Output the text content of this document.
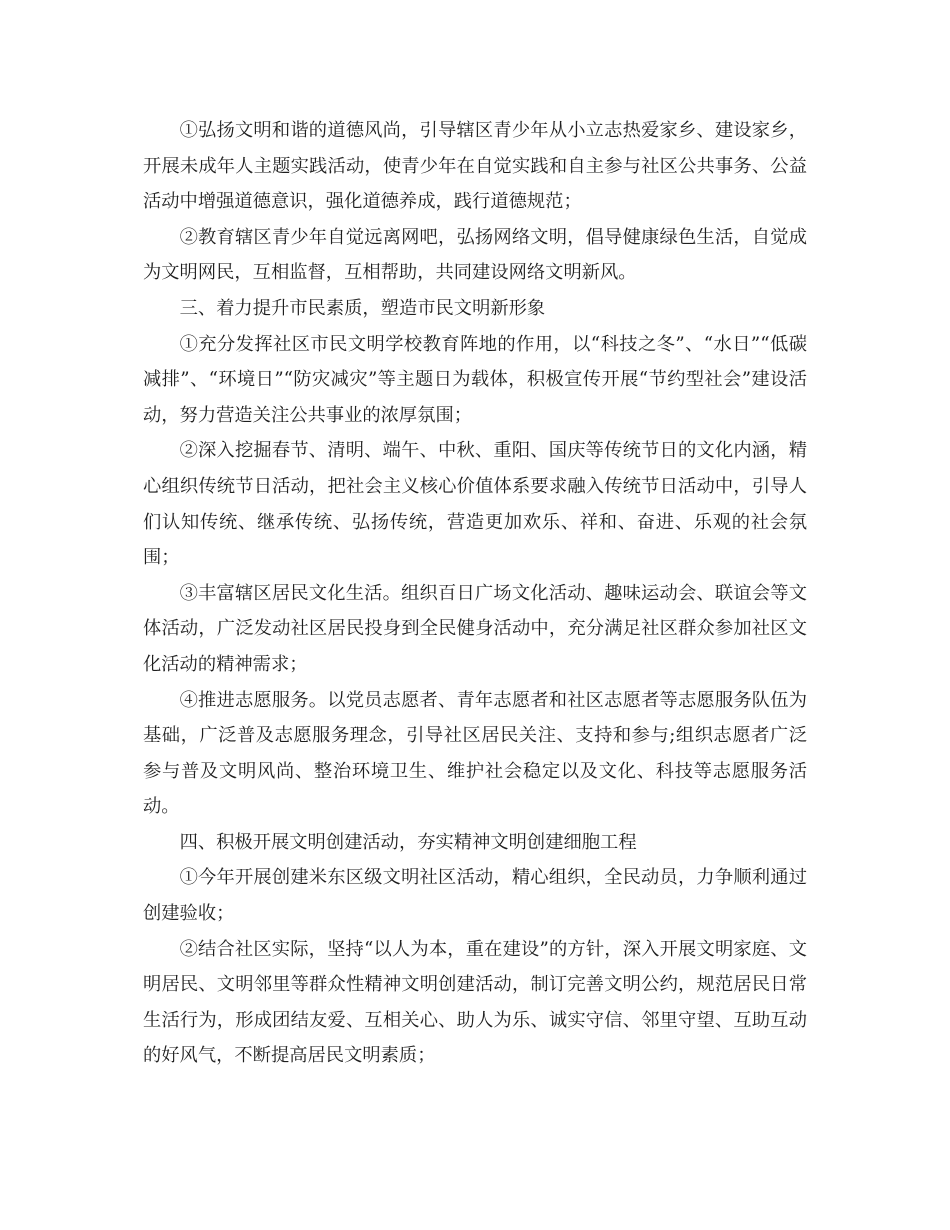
①弘扬文明和谐的道德风尚，引导辖区青少年从小立志热爱家乡、建设家乡，开展未成年人主题实践活动，使青少年在自觉实践和自主参与社区公共事务、公益活动中增强道德意识，强化道德养成，践行道德规范；

②教育辖区青少年自觉远离网吧，弘扬网络文明，倡导健康绿色生活，自觉成为文明网民，互相监督，互相帮助，共同建设网络文明新风。

三、着力提升市民素质，塑造市民文明新形象

①充分发挥社区市民文明学校教育阵地的作用，以“科技之冬”、“水日”“低碳减排”、“环境日”“防灾减灾”等主题日为载体，积极宣传开展“节约型社会”建设活动，努力营造关注公共事业的浓厚氛围；

②深入挖掘春节、清明、端午、中秋、重阳、国庆等传统节日的文化内涵，精心组织传统节日活动，把社会主义核心价值体系要求融入传统节日活动中，引导人们认知传统、继承传统、弘扬传统，营造更加欢乐、祥和、奋进、乐观的社会氛围；

③丰富辖区居民文化生活。组织百日广场文化活动、趣味运动会、联谊会等文体活动，广泛发动社区居民投身到全民健身活动中，充分满足社区群众参加社区文化活动的精神需求；

④推进志愿服务。以党员志愿者、青年志愿者和社区志愿者等志愿服务队伍为基础，广泛普及志愿服务理念，引导社区居民关注、支持和参与;组织志愿者广泛参与普及文明风尚、整治环境卫生、维护社会稳定以及文化、科技等志愿服务活动。

四、积极开展文明创建活动，夯实精神文明创建细胞工程

①今年开展创建米东区级文明社区活动，精心组织，全民动员，力争顺利通过创建验收；

②结合社区实际，坚持“以人为本，重在建设”的方针，深入开展文明家庭、文明居民、文明邻里等群众性精神文明创建活动，制订完善文明公约，规范居民日常生活行为，形成团结友爱、互相关心、助人为乐、诚实守信、邻里守望、互助互动的好风气，不断提高居民文明素质；
